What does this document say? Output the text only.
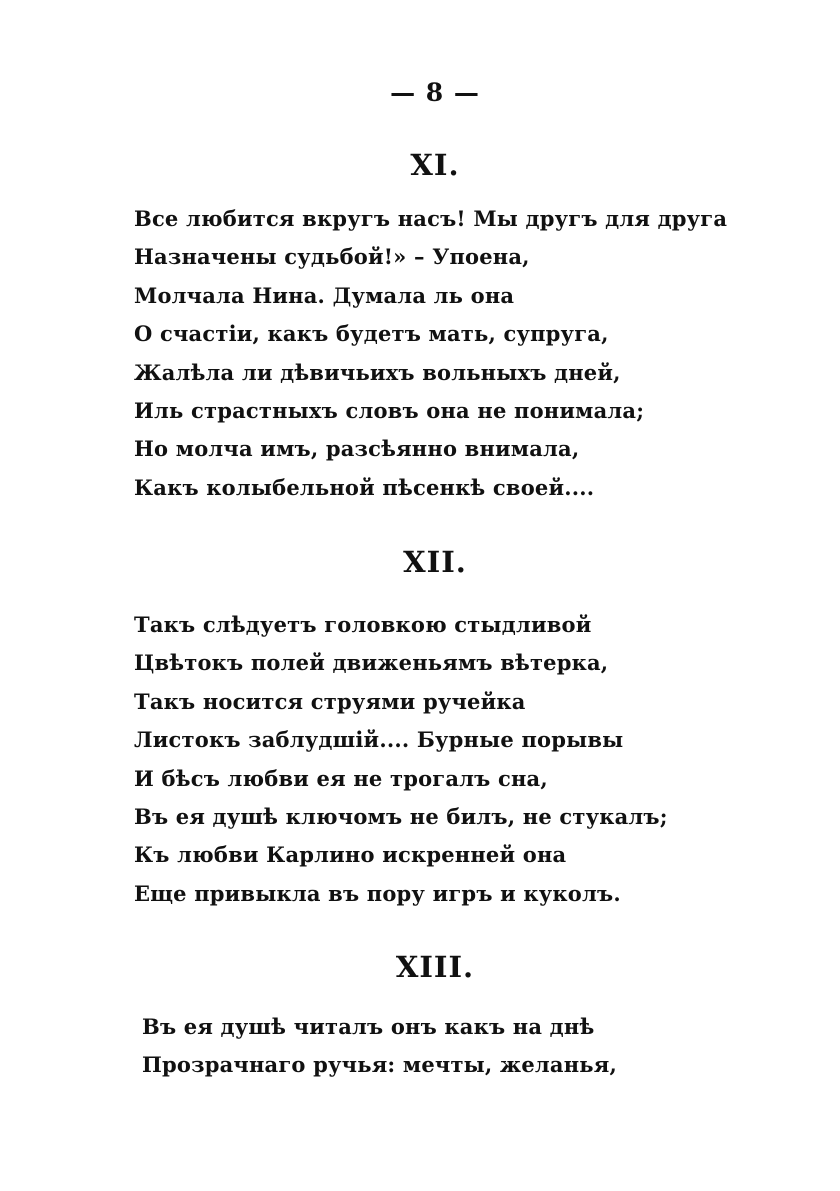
— 8 —
XI.
Все любится вкругъ насъ! Мы другъ для друга
Назначены судьбой!» – Упоена,
Молчала Нина. Думала ль она
О счастіи, какъ будетъ мать, супруга,
Жалѣла ли дѣвичьихъ вольныхъ дней,
Иль страстныхъ словъ она не понимала;
Но молча имъ, разсѣянно внимала,
Какъ колыбельной пѣсенкѣ своей....
XII.
Такъ слѣдуетъ головкою стыдливой
Цвѣтокъ полей движеньямъ вѣтерка,
Такъ носится струями ручейка
Листокъ заблудшій.... Бурные порывы
И бѣсъ любви ея не трогалъ сна,
Въ ея душѣ ключомъ не билъ, не стукалъ;
Къ любви Карлино искренней она
Еще привыкла въ пору игръ и куколъ.
XIII.
Въ ея душѣ читалъ онъ какъ на днѣ
Прозрачнаго ручья: мечты, желанья,
